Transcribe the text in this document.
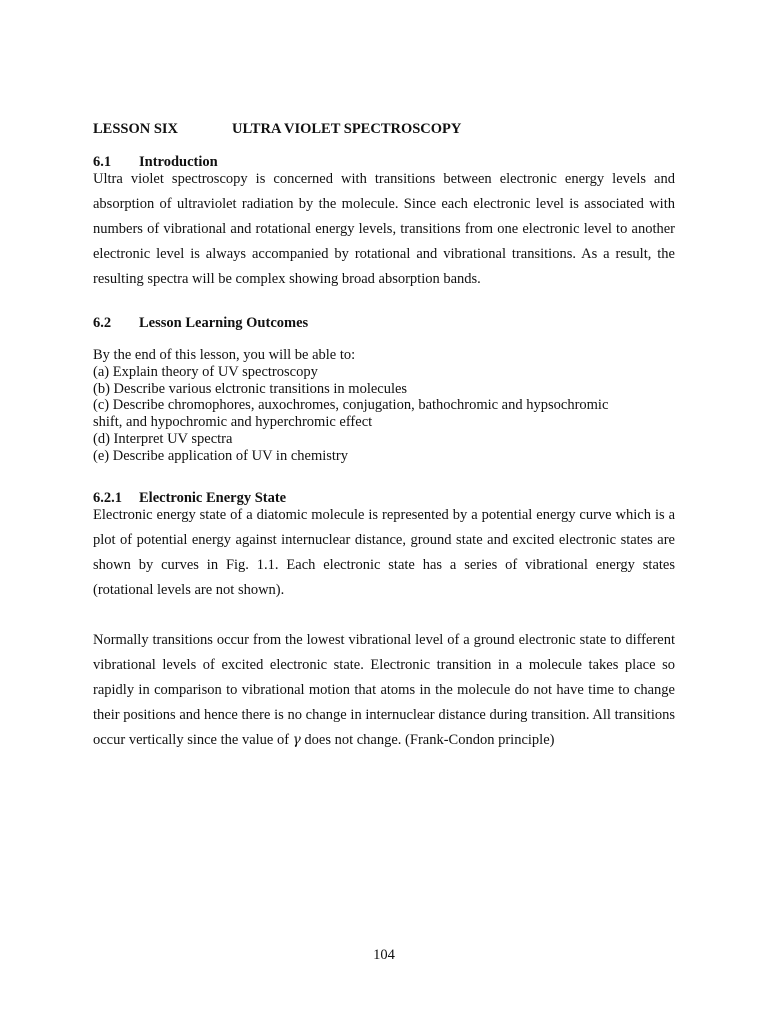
LESSON SIX	ULTRA VIOLET SPECTROSCOPY
6.1 Introduction
Ultra violet spectroscopy is concerned with transitions between electronic energy levels and absorption of ultraviolet radiation by the molecule. Since each electronic level is associated with numbers of vibrational and rotational energy levels, transitions from one electronic level to another electronic level is always accompanied by rotational and vibrational transitions. As a result, the resulting spectra will be complex showing broad absorption bands.
6.2 Lesson Learning Outcomes
By the end of this lesson, you will be able to:
(a) Explain theory of UV spectroscopy
(b) Describe various elctronic transitions in molecules
(c) Describe chromophores, auxochromes, conjugation, bathochromic and hypsochromic
shift, and hypochromic and hyperchromic effect
(d) Interpret UV spectra
(e) Describe application of UV in chemistry
6.2.1 Electronic Energy State
Electronic energy state of a diatomic molecule is represented by a potential energy curve which is a plot of potential energy against internuclear distance, ground state and excited electronic states are shown by curves in Fig. 1.1. Each electronic state has a series of vibrational energy states (rotational levels are not shown).
Normally transitions occur from the lowest vibrational level of a ground electronic state to different vibrational levels of excited electronic state. Electronic transition in a molecule takes place so rapidly in comparison to vibrational motion that atoms in the molecule do not have time to change their positions and hence there is no change in internuclear distance during transition. All transitions occur vertically since the value of γ does not change. (Frank-Condon principle)
104
